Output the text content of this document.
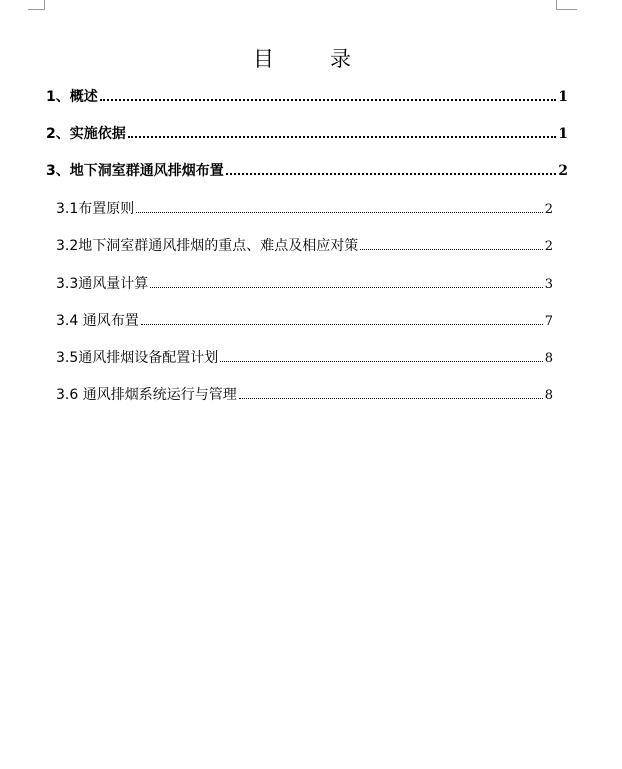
目	录
1、概述	1
2、实施依据	1
3、地下洞室群通风排烟布置	2
3.1布置原则	2
3.2地下洞室群通风排烟的重点、难点及相应对策	2
3.3通风量计算	3
3.4 通风布置	7
3.5通风排烟设备配置计划	8
3.6 通风排烟系统运行与管理	8
